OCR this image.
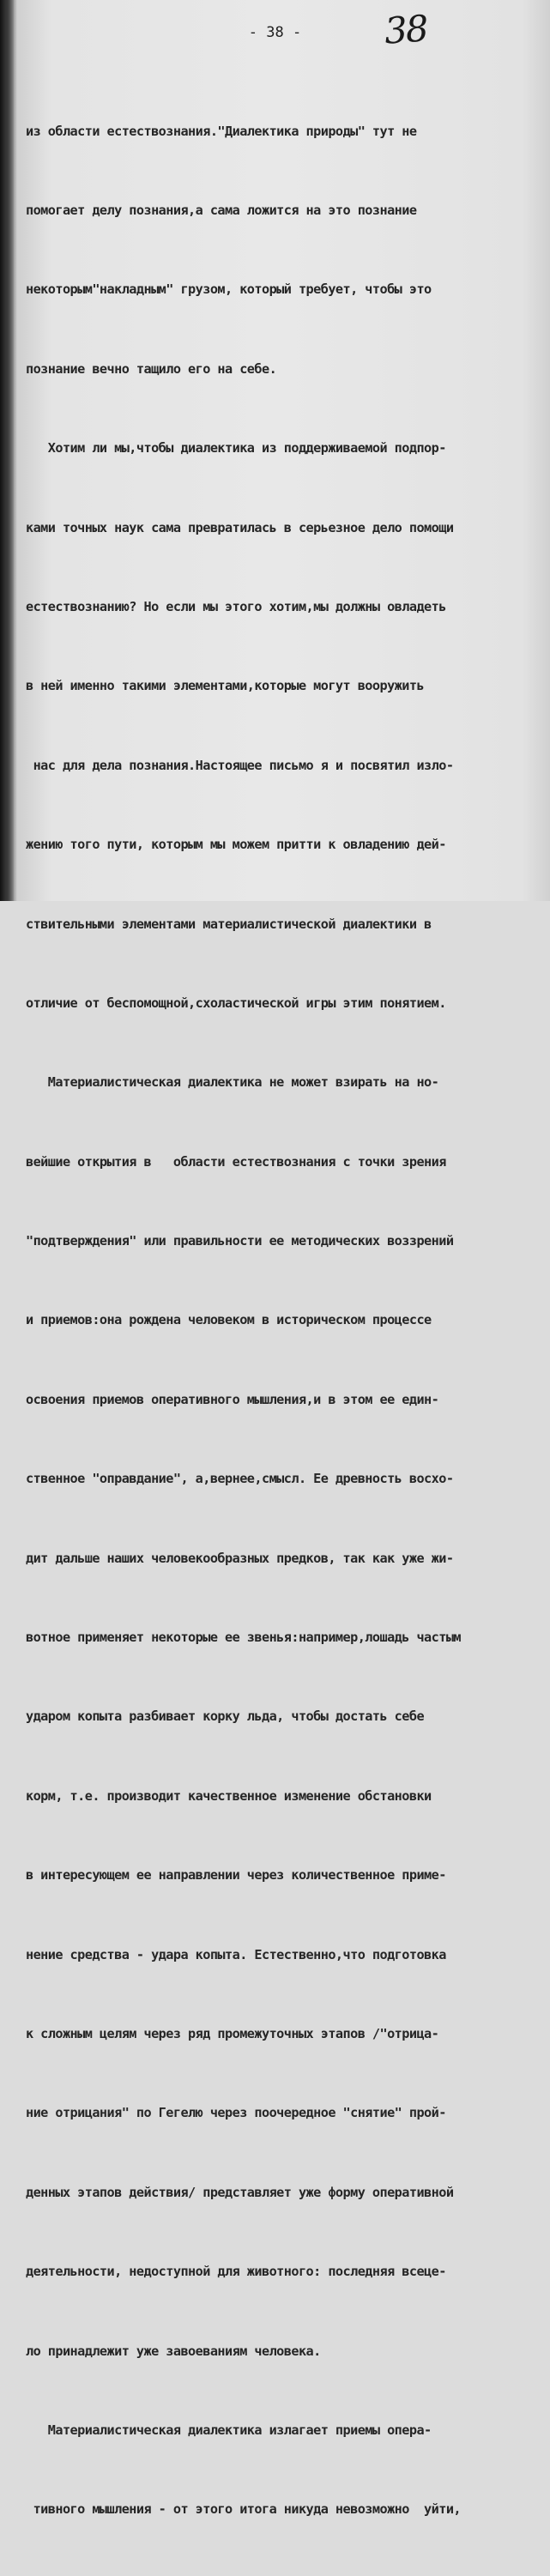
- 38 -	38

из области естествознания."Диалектика природы" тут не

помогает делу познания,а сама ложится на это познание

некоторым"накладным" грузом, который требует, чтобы это

познание вечно тащило его на себе.

Хотим ли мы,чтобы диалектика из поддерживаемой подпор-

ками точных наук сама превратилась в серьезное дело помощи

естествознанию? Но если мы этого хотим,мы должны овладеть

в ней именно такими элементами,которые могут вооружить

нас для дела познания.Настоящее письмо я и посвятил изло-

жению того пути, которым мы можем притти к овладению дей-

ствительными элементами материалистической диалектики в

отличие от беспомощной,схоластической игры этим понятием.

Материалистическая диалектика не может взирать на но-

вейшие открытия в   области естествознания с точки зрения

"подтверждения" или правильности ее методических воззрений

и приемов:она рождена человеком в историческом процессе

освоения приемов оперативного мышления,и в этом ее един-

ственное "оправдание", а,вернее,смысл. Ее древность восхо-

дит дальше наших человекообразных предков, так как уже жи-

вотное применяет некоторые ее звенья:например,лошадь частым

ударом копыта разбивает корку льда, чтобы достать себе

корм, т.е. производит качественное изменение обстановки

в интересующем ее направлении через количественное приме-

нение средства - удара копыта. Естественно,что подготовка

к сложным целям через ряд промежуточных этапов /"отрица-

ние отрицания" по Гегелю через поочередное "снятие" прой-

денных этапов действия/ представляет уже форму оперативной

деятельности, недоступной для животного: последняя всеце-

ло принадлежит уже завоеваниям человека.

Материалистическая диалектика излагает приемы опера-

тивного мышления - от этого итога никуда невозможно  уйти,
